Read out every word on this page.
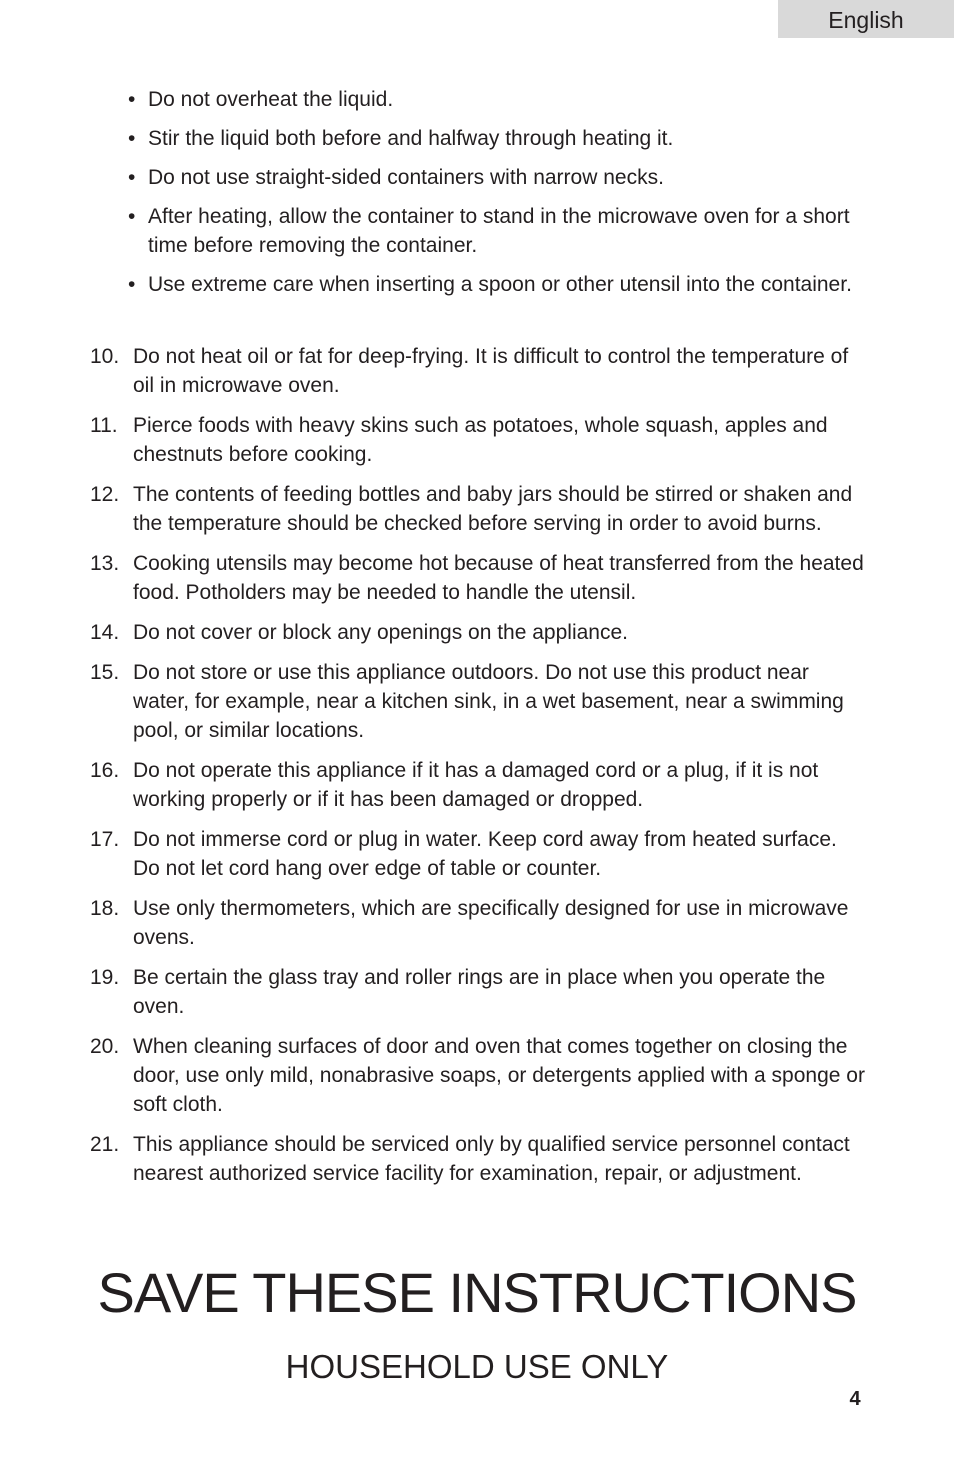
English
• Do not overheat the liquid.
• Stir the liquid both before and halfway through heating it.
• Do not use straight-sided containers with narrow necks.
• After heating, allow the container to stand in the microwave oven for a short time before removing the container.
• Use extreme care when inserting a spoon or other utensil into the container.
10. Do not heat oil or fat for deep-frying. It is difficult to control the temperature of oil in microwave oven.
11. Pierce foods with heavy skins such as potatoes, whole squash, apples and chestnuts before cooking.
12. The contents of feeding bottles and baby jars should be stirred or shaken and the temperature should be checked before serving in order to avoid burns.
13. Cooking utensils may become hot because of heat transferred from the heated food. Potholders may be needed to handle the utensil.
14. Do not cover or block any openings on the appliance.
15. Do not store or use this appliance outdoors. Do not use this product near water, for example, near a kitchen sink, in a wet basement, near a swimming pool, or similar locations.
16. Do not operate this appliance if it has a damaged cord or a plug, if it is not working properly or if it has been damaged or dropped.
17. Do not immerse cord or plug in water. Keep cord away from heated surface. Do not let cord hang over edge of table or counter.
18. Use only thermometers, which are specifically designed for use in microwave ovens.
19. Be certain the glass tray and roller rings are in place when you operate the oven.
20. When cleaning surfaces of door and oven that comes together on closing the door, use only mild, nonabrasive soaps, or detergents applied with a sponge or soft cloth.
21. This appliance should be serviced only by qualified service personnel contact nearest authorized service facility for examination, repair, or adjustment.
SAVE THESE INSTRUCTIONS
HOUSEHOLD USE ONLY
4
